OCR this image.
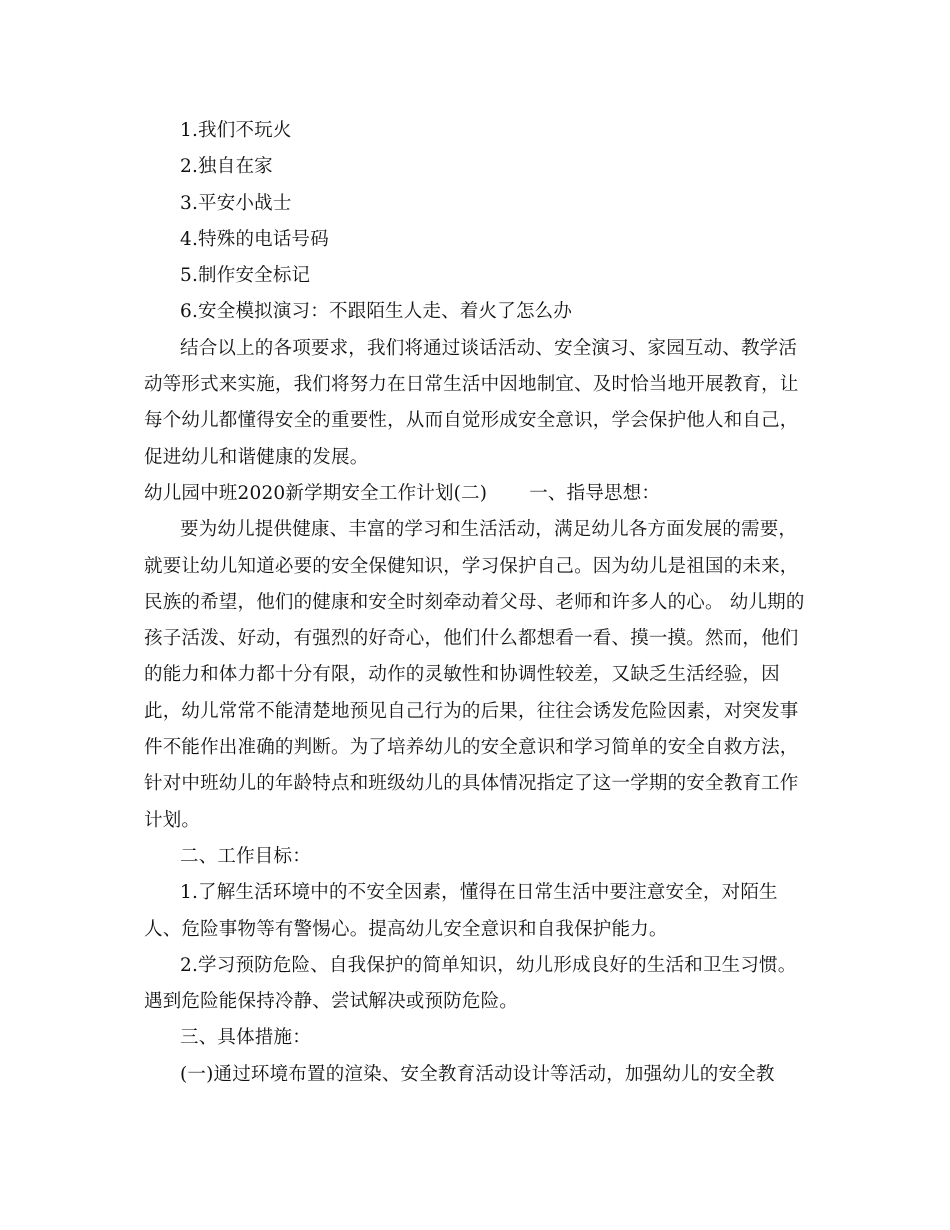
1.我们不玩火
2.独自在家
3.平安小战士
4.特殊的电话号码
5.制作安全标记
6.安全模拟演习：不跟陌生人走、着火了怎么办
结合以上的各项要求，我们将通过谈话活动、安全演习、家园互动、教学活
动等形式来实施，我们将努力在日常生活中因地制宜、及时恰当地开展教育，让
每个幼儿都懂得安全的重要性，从而自觉形成安全意识，学会保护他人和自己，
促进幼儿和谐健康的发展。
幼儿园中班2020新学期安全工作计划(二) 一、指导思想：
要为幼儿提供健康、丰富的学习和生活活动，满足幼儿各方面发展的需要，
就要让幼儿知道必要的安全保健知识，学习保护自己。因为幼儿是祖国的未来，
民族的希望，他们的健康和安全时刻牵动着父母、老师和许多人的心。 幼儿期的
孩子活泼、好动，有强烈的好奇心，他们什么都想看一看、摸一摸。然而，他们
的能力和体力都十分有限，动作的灵敏性和协调性较差，又缺乏生活经验，因
此，幼儿常常不能清楚地预见自己行为的后果，往往会诱发危险因素，对突发事
件不能作出准确的判断。为了培养幼儿的安全意识和学习简单的安全自救方法，
针对中班幼儿的年龄特点和班级幼儿的具体情况指定了这一学期的安全教育工作
计划。
二、工作目标：
1.了解生活环境中的不安全因素，懂得在日常生活中要注意安全，对陌生
人、危险事物等有警惕心。提高幼儿安全意识和自我保护能力。
2.学习预防危险、自我保护的简单知识，幼儿形成良好的生活和卫生习惯。
遇到危险能保持冷静、尝试解决或预防危险。
三、具体措施：
(一)通过环境布置的渲染、安全教育活动设计等活动，加强幼儿的安全教
